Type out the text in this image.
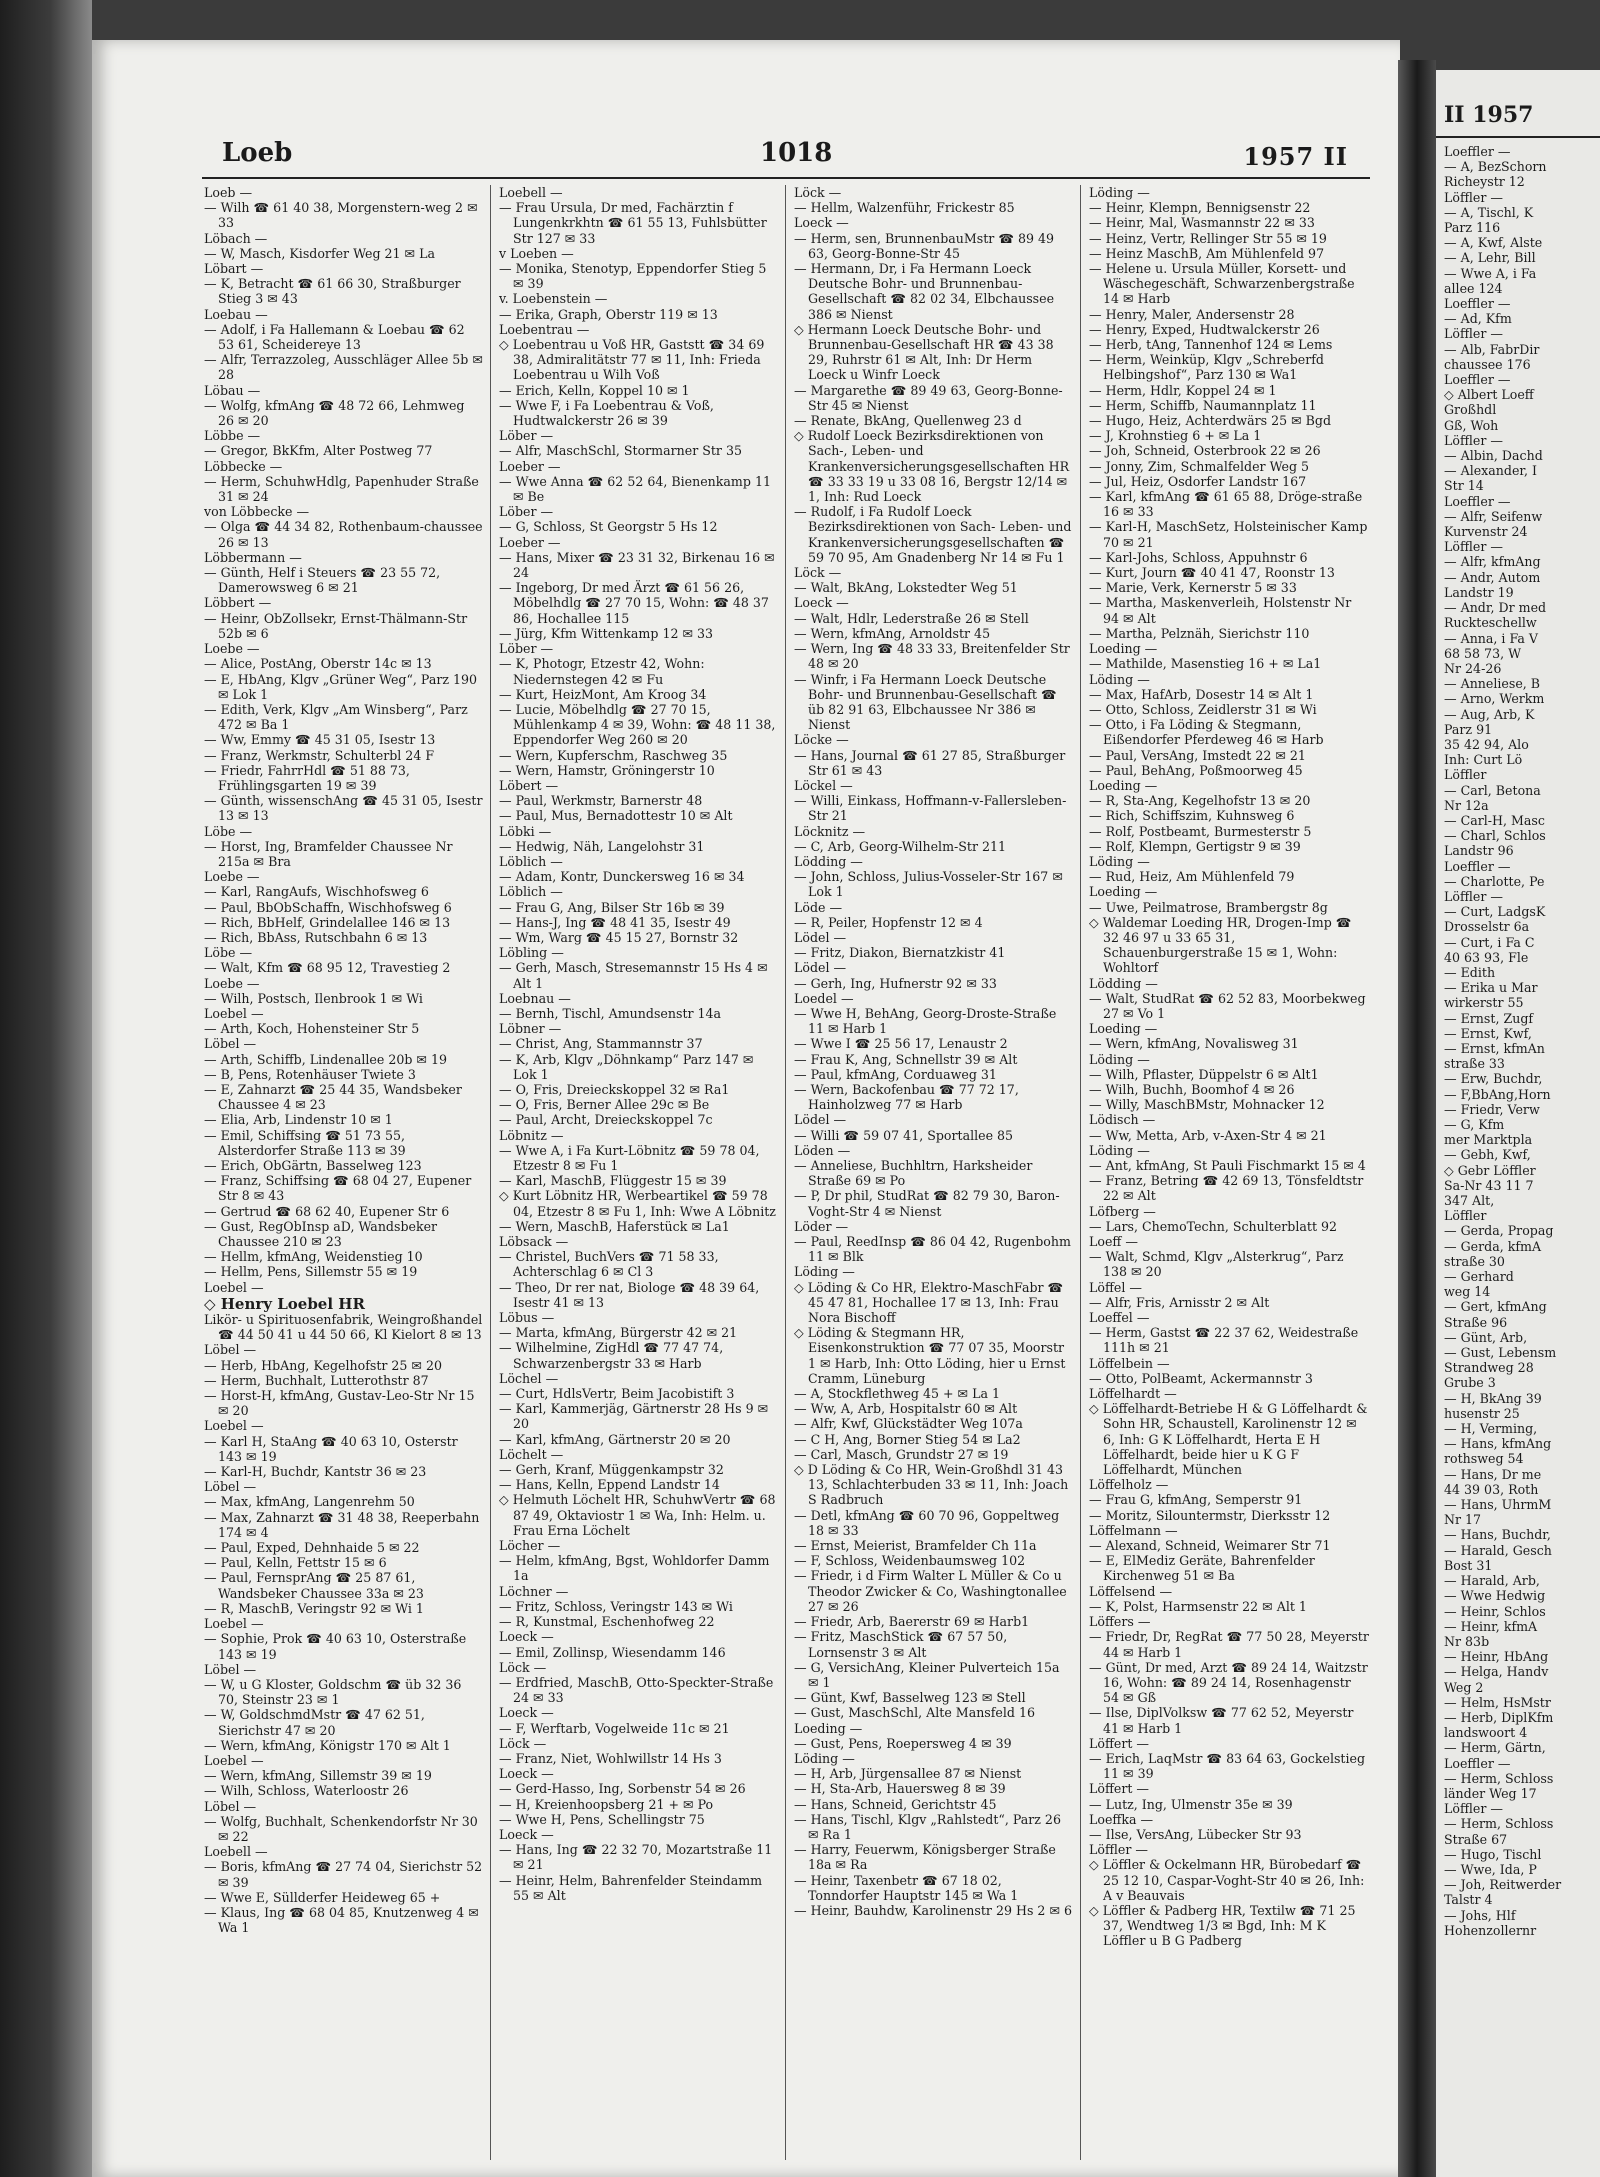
Loeb	1018	1957 II

Loeb —

— Wilh ☎ 61 40 38, Morgenstern-weg 2 ✉ 33

Löbach —

— W, Masch, Kisdorfer Weg 21 ✉ La

Löbart —

— K, Betracht ☎ 61 66 30, Straßburger Stieg 3 ✉ 43

Loebau —

— Adolf, i Fa Hallemann & Loebau ☎ 62 53 61, Scheidereye 13

— Alfr, Terrazzoleg, Ausschläger Allee 5b ✉ 28

Löbau —

— Wolfg, kfmAng ☎ 48 72 66, Lehmweg 26 ✉ 20

Löbbe —

— Gregor, BkKfm, Alter Postweg 77

Löbbecke —

— Herm, SchuhwHdlg, Papenhuder Straße 31 ✉ 24

von Löbbecke —

— Olga ☎ 44 34 82, Rothenbaum-chaussee 26 ✉ 13

Löbbermann —

— Günth, Helf i Steuers ☎ 23 55 72, Damerowsweg 6 ✉ 21

Löbbert —

— Heinr, ObZollsekr, Ernst-Thälmann-Str 52b ✉ 6

Loebe —

— Alice, PostAng, Oberstr 14c ✉ 13

— E, HbAng, Klgv „Grüner Weg“, Parz 190 ✉ Lok 1

— Edith, Verk, Klgv „Am Winsberg“, Parz 472 ✉ Ba 1

— Ww, Emmy ☎ 45 31 05, Isestr 13

— Franz, Werkmstr, Schulterbl 24 F

— Friedr, FahrrHdl ☎ 51 88 73, Frühlingsgarten 19 ✉ 39

— Günth, wissenschAng ☎ 45 31 05, Isestr 13 ✉ 13

Löbe —

— Horst, Ing, Bramfelder Chaussee Nr 215a ✉ Bra

Loebe —

— Karl, RangAufs, Wischhofsweg 6

— Paul, BbObSchaffn, Wischhofsweg 6

— Rich, BbHelf, Grindelallee 146 ✉ 13

— Rich, BbAss, Rutschbahn 6 ✉ 13

Löbe —

— Walt, Kfm ☎ 68 95 12, Travestieg 2

Loebe —

— Wilh, Postsch, Ilenbrook 1 ✉ Wi

Loebel —

— Arth, Koch, Hohensteiner Str 5

Löbel —

— Arth, Schiffb, Lindenallee 20b ✉ 19

— B, Pens, Rotenhäuser Twiete 3

— E, Zahnarzt ☎ 25 44 35, Wandsbeker Chaussee 4 ✉ 23

— Elia, Arb, Lindenstr 10 ✉ 1

— Emil, Schiffsing ☎ 51 73 55, Alsterdorfer Straße 113 ✉ 39

— Erich, ObGärtn, Basselweg 123

— Franz, Schiffsing ☎ 68 04 27, Eupener Str 8 ✉ 43

— Gertrud ☎ 68 62 40, Eupener Str 6

— Gust, RegObInsp aD, Wandsbeker Chaussee 210 ✉ 23

— Hellm, kfmAng, Weidenstieg 10

— Hellm, Pens, Sillemstr 55 ✉ 19

Loebel —

◇ Henry Loebel HR

Likör- u Spirituosenfabrik, Weingroßhandel ☎ 44 50 41 u 44 50 66, Kl Kielort 8 ✉ 13

Löbel —

— Herb, HbAng, Kegelhofstr 25 ✉ 20

— Herm, Buchhalt, Lutterothstr 87

— Horst-H, kfmAng, Gustav-Leo-Str Nr 15 ✉ 20

Loebel —

— Karl H, StaAng ☎ 40 63 10, Osterstr 143 ✉ 19

— Karl-H, Buchdr, Kantstr 36 ✉ 23

Löbel —

— Max, kfmAng, Langenrehm 50

— Max, Zahnarzt ☎ 31 48 38, Reeperbahn 174 ✉ 4

— Paul, Exped, Dehnhaide 5 ✉ 22

— Paul, Kelln, Fettstr 15 ✉ 6

— Paul, FernsprAng ☎ 25 87 61, Wandsbeker Chaussee 33a ✉ 23

— R, MaschB, Veringstr 92 ✉ Wi 1

Loebel —

— Sophie, Prok ☎ 40 63 10, Osterstraße 143 ✉ 19

Löbel —

— W, u G Kloster, Goldschm ☎ üb 32 36 70, Steinstr 23 ✉ 1

— W, GoldschmdMstr ☎ 47 62 51, Sierichstr 47 ✉ 20

— Wern, kfmAng, Königstr 170 ✉ Alt 1

Loebel —

— Wern, kfmAng, Sillemstr 39 ✉ 19

— Wilh, Schloss, Waterloostr 26

Löbel —

— Wolfg, Buchhalt, Schenkendorfstr Nr 30 ✉ 22

Loebell —

— Boris, kfmAng ☎ 27 74 04, Sierichstr 52 ✉ 39

— Wwe E, Süllderfer Heideweg 65 +

— Klaus, Ing ☎ 68 04 85, Knutzenweg 4 ✉ Wa 1

Loebell —

— Frau Ursula, Dr med, Fachärztin f Lungenkrkhtn ☎ 61 55 13, Fuhlsbütter Str 127 ✉ 33

v Loeben —

— Monika, Stenotyp, Eppendorfer Stieg 5 ✉ 39

v. Loebenstein —

— Erika, Graph, Oberstr 119 ✉ 13

Loebentrau —

◇ Loebentrau u Voß HR, Gaststt ☎ 34 69 38, Admiralitätstr 77 ✉ 11, Inh: Frieda Loebentrau u Wilh Voß

— Erich, Kelln, Koppel 10 ✉ 1

— Wwe F, i Fa Loebentrau & Voß, Hudtwalckerstr 26 ✉ 39

Löber —

— Alfr, MaschSchl, Stormarner Str 35

Loeber —

— Wwe Anna ☎ 62 52 64, Bienenkamp 11 ✉ Be

Löber —

— G, Schloss, St Georgstr 5 Hs 12

Loeber —

— Hans, Mixer ☎ 23 31 32, Birkenau 16 ✉ 24

— Ingeborg, Dr med Ärzt ☎ 61 56 26, Möbelhdlg ☎ 27 70 15, Wohn: ☎ 48 37 86, Hochallee 115

— Jürg, Kfm Wittenkamp 12 ✉ 33

Löber —

— K, Photogr, Etzestr 42, Wohn: Niedernstegen 42 ✉ Fu

— Kurt, HeizMont, Am Kroog 34

— Lucie, Möbelhdlg ☎ 27 70 15, Mühlenkamp 4 ✉ 39, Wohn: ☎ 48 11 38, Eppendorfer Weg 260 ✉ 20

— Wern, Kupferschm, Raschweg 35

— Wern, Hamstr, Gröningerstr 10

Löbert —

— Paul, Werkmstr, Barnerstr 48

— Paul, Mus, Bernadottestr 10 ✉ Alt

Löbki —

— Hedwig, Näh, Langelohstr 31

Löblich —

— Adam, Kontr, Dunckersweg 16 ✉ 34

Löblich —

— Frau G, Ang, Bilser Str 16b ✉ 39

— Hans-J, Ing ☎ 48 41 35, Isestr 49

— Wm, Warg ☎ 45 15 27, Bornstr 32

Löbling —

— Gerh, Masch, Stresemannstr 15 Hs 4 ✉ Alt 1

Loebnau —

— Bernh, Tischl, Amundsenstr 14a

Löbner —

— Christ, Ang, Stammannstr 37

— K, Arb, Klgv „Döhnkamp“ Parz 147 ✉ Lok 1

— O, Fris, Dreieckskoppel 32 ✉ Ra1

— O, Fris, Berner Allee 29c ✉ Be

— Paul, Archt, Dreieckskoppel 7c

Löbnitz —

— Wwe A, i Fa Kurt-Löbnitz ☎ 59 78 04, Etzestr 8 ✉ Fu 1

— Karl, MaschB, Flüggestr 15 ✉ 39

◇ Kurt Löbnitz HR, Werbeartikel ☎ 59 78 04, Etzestr 8 ✉ Fu 1, Inh: Wwe A Löbnitz

— Wern, MaschB, Haferstück ✉ La1

Löbsack —

— Christel, BuchVers ☎ 71 58 33, Achterschlag 6 ✉ Cl 3

— Theo, Dr rer nat, Biologe ☎ 48 39 64, Isestr 41 ✉ 13

Löbus —

— Marta, kfmAng, Bürgerstr 42 ✉ 21

— Wilhelmine, ZigHdl ☎ 77 47 74, Schwarzenbergstr 33 ✉ Harb

Löchel —

— Curt, HdlsVertr, Beim Jacobistift 3

— Karl, Kammerjäg, Gärtnerstr 28 Hs 9 ✉ 20

— Karl, kfmAng, Gärtnerstr 20 ✉ 20

Löchelt —

— Gerh, Kranf, Müggenkampstr 32

— Hans, Kelln, Eppend Landstr 14

◇ Helmuth Löchelt HR, SchuhwVertr ☎ 68 87 49, Oktaviostr 1 ✉ Wa, Inh: Helm. u. Frau Erna Löchelt

Löcher —

— Helm, kfmAng, Bgst, Wohldorfer Damm 1a

Löchner —

— Fritz, Schloss, Veringstr 143 ✉ Wi

— R, Kunstmal, Eschenhofweg 22

Loeck —

— Emil, Zollinsp, Wiesendamm 146

Löck —

— Erdfried, MaschB, Otto-Speckter-Straße 24 ✉ 33

Loeck —

— F, Werftarb, Vogelweide 11c ✉ 21

Löck —

— Franz, Niet, Wohlwillstr 14 Hs 3

Loeck —

— Gerd-Hasso, Ing, Sorbenstr 54 ✉ 26

— H, Kreienhoopsberg 21 + ✉ Po

— Wwe H, Pens, Schellingstr 75

Loeck —

— Hans, Ing ☎ 22 32 70, Mozartstraße 11 ✉ 21

— Heinr, Helm, Bahrenfelder Steindamm 55 ✉ Alt

Löck —

— Hellm, Walzenführ, Frickestr 85

Loeck —

— Herm, sen, BrunnenbauMstr ☎ 89 49 63, Georg-Bonne-Str 45

— Hermann, Dr, i Fa Hermann Loeck Deutsche Bohr- und Brunnenbau-Gesellschaft ☎ 82 02 34, Elbchaussee 386 ✉ Nienst

◇ Hermann Loeck Deutsche Bohr- und Brunnenbau-Gesellschaft HR ☎ 43 38 29, Ruhrstr 61 ✉ Alt, Inh: Dr Herm Loeck u Winfr Loeck

— Margarethe ☎ 89 49 63, Georg-Bonne-Str 45 ✉ Nienst

— Renate, BkAng, Quellenweg 23 d

◇ Rudolf Loeck Bezirksdirektionen von Sach-, Leben- und Krankenversicherungsgesellschaften HR ☎ 33 33 19 u 33 08 16, Bergstr 12/14 ✉ 1, Inh: Rud Loeck

— Rudolf, i Fa Rudolf Loeck Bezirksdirektionen von Sach- Leben- und Krankenversicherungsgesellschaften ☎ 59 70 95, Am Gnadenberg Nr 14 ✉ Fu 1

Löck —

— Walt, BkAng, Lokstedter Weg 51

Loeck —

— Walt, Hdlr, Lederstraße 26 ✉ Stell

— Wern, kfmAng, Arnoldstr 45

— Wern, Ing ☎ 48 33 33, Breitenfelder Str 48 ✉ 20

— Winfr, i Fa Hermann Loeck Deutsche Bohr- und Brunnenbau-Gesellschaft ☎ üb 82 91 63, Elbchaussee Nr 386 ✉ Nienst

Löcke —

— Hans, Journal ☎ 61 27 85, Straßburger Str 61 ✉ 43

Löckel —

— Willi, Einkass, Hoffmann-v-Fallersleben-Str 21

Löcknitz —

— C, Arb, Georg-Wilhelm-Str 211

Lödding —

— John, Schloss, Julius-Vosseler-Str 167 ✉ Lok 1

Löde —

— R, Peiler, Hopfenstr 12 ✉ 4

Lödel —

— Fritz, Diakon, Biernatzkistr 41

Lödel —

— Gerh, Ing, Hufnerstr 92 ✉ 33

Loedel —

— Wwe H, BehAng, Georg-Droste-Straße 11 ✉ Harb 1

— Wwe I ☎ 25 56 17, Lenaustr 2

— Frau K, Ang, Schnellstr 39 ✉ Alt

— Paul, kfmAng, Corduaweg 31

— Wern, Backofenbau ☎ 77 72 17, Hainholzweg 77 ✉ Harb

Lödel —

— Willi ☎ 59 07 41, Sportallee 85

Löden —

— Anneliese, Buchhltrn, Harksheider Straße 69 ✉ Po

— P, Dr phil, StudRat ☎ 82 79 30, Baron-Voght-Str 4 ✉ Nienst

Löder —

— Paul, ReedInsp ☎ 86 04 42, Rugenbohm 11 ✉ Blk

Löding —

◇ Löding & Co HR, Elektro-MaschFabr ☎ 45 47 81, Hochallee 17 ✉ 13, Inh: Frau Nora Bischoff

◇ Löding & Stegmann HR, Eisenkonstruktion ☎ 77 07 35, Moorstr 1 ✉ Harb, Inh: Otto Löding, hier u Ernst Cramm, Lüneburg

— A, Stockflethweg 45 + ✉ La 1

— Ww, A, Arb, Hospitalstr 60 ✉ Alt

— Alfr, Kwf, Glückstädter Weg 107a

— C H, Ang, Borner Stieg 54 ✉ La2

— Carl, Masch, Grundstr 27 ✉ 19

◇ D Löding & Co HR, Wein-Großhdl 31 43 13, Schlachterbuden 33 ✉ 11, Inh: Joach S Radbruch

— Detl, kfmAng ☎ 60 70 96, Goppeltweg 18 ✉ 33

— Ernst, Meierist, Bramfelder Ch 11a

— F, Schloss, Weidenbaumsweg 102

— Friedr, i d Firm Walter L Müller & Co u Theodor Zwicker & Co, Washingtonallee 27 ✉ 26

— Friedr, Arb, Baererstr 69 ✉ Harb1

— Fritz, MaschStick ☎ 67 57 50, Lornsenstr 3 ✉ Alt

— G, VersichAng, Kleiner Pulverteich 15a ✉ 1

— Günt, Kwf, Basselweg 123 ✉ Stell

— Gust, MaschSchl, Alte Mansfeld 16

Loeding —

— Gust, Pens, Roepersweg 4 ✉ 39

Löding —

— H, Arb, Jürgensallee 87 ✉ Nienst

— H, Sta-Arb, Hauersweg 8 ✉ 39

— Hans, Schneid, Gerichtstr 45

— Hans, Tischl, Klgv „Rahlstedt“, Parz 26 ✉ Ra 1

— Harry, Feuerwm, Königsberger Straße 18a ✉ Ra

— Heinr, Taxenbetr ☎ 67 18 02, Tonndorfer Hauptstr 145 ✉ Wa 1

— Heinr, Bauhdw, Karolinenstr 29 Hs 2 ✉ 6

Löding —

— Heinr, Klempn, Bennigsenstr 22

— Heinr, Mal, Wasmannstr 22 ✉ 33

— Heinz, Vertr, Rellinger Str 55 ✉ 19

— Heinz MaschB, Am Mühlenfeld 97

— Helene u. Ursula Müller, Korsett- und Wäschegeschäft, Schwarzenbergstraße 14 ✉ Harb

— Henry, Maler, Andersenstr 28

— Henry, Exped, Hudtwalckerstr 26

— Herb, tAng, Tannenhof 124 ✉ Lems

— Herm, Weinküp, Klgv „Schreberfd Helbingshof“, Parz 130 ✉ Wa1

— Herm, Hdlr, Koppel 24 ✉ 1

— Herm, Schiffb, Naumannplatz 11

— Hugo, Heiz, Achterdwärs 25 ✉ Bgd

— J, Krohnstieg 6 + ✉ La 1

— Joh, Schneid, Osterbrook 22 ✉ 26

— Jonny, Zim, Schmalfelder Weg 5

— Jul, Heiz, Osdorfer Landstr 167

— Karl, kfmAng ☎ 61 65 88, Dröge-straße 16 ✉ 33

— Karl-H, MaschSetz, Holsteinischer Kamp 70 ✉ 21

— Karl-Johs, Schloss, Appuhnstr 6

— Kurt, Journ ☎ 40 41 47, Roonstr 13

— Marie, Verk, Kernerstr 5 ✉ 33

— Martha, Maskenverleih, Holstenstr Nr 94 ✉ Alt

— Martha, Pelznäh, Sierichstr 110

Loeding —

— Mathilde, Masenstieg 16 + ✉ La1

Löding —

— Max, HafArb, Dosestr 14 ✉ Alt 1

— Otto, Schloss, Zeidlerstr 31 ✉ Wi

— Otto, i Fa Löding & Stegmann, Eißendorfer Pferdeweg 46 ✉ Harb

— Paul, VersAng, Imstedt 22 ✉ 21

— Paul, BehAng, Poßmoorweg 45

Loeding —

— R, Sta-Ang, Kegelhofstr 13 ✉ 20

— Rich, Schiffszim, Kuhnsweg 6

— Rolf, Postbeamt, Burmesterstr 5

— Rolf, Klempn, Gertigstr 9 ✉ 39

Löding —

— Rud, Heiz, Am Mühlenfeld 79

Loeding —

— Uwe, Peilmatrose, Brambergstr 8g

◇ Waldemar Loeding HR, Drogen-Imp ☎ 32 46 97 u 33 65 31, Schauenburgerstraße 15 ✉ 1, Wohn: Wohltorf

Lödding —

— Walt, StudRat ☎ 62 52 83, Moorbekweg 27 ✉ Vo 1

Loeding —

— Wern, kfmAng, Novalisweg 31

Löding —

— Wilh, Pflaster, Düppelstr 6 ✉ Alt1

— Wilh, Buchh, Boomhof 4 ✉ 26

— Willy, MaschBMstr, Mohnacker 12

Lödisch —

— Ww, Metta, Arb, v-Axen-Str 4 ✉ 21

Löding —

— Ant, kfmAng, St Pauli Fischmarkt 15 ✉ 4

— Franz, Betring ☎ 42 69 13, Tönsfeldtstr 22 ✉ Alt

Löfberg —

— Lars, ChemoTechn, Schulterblatt 92

Loeff —

— Walt, Schmd, Klgv „Alsterkrug“, Parz 138 ✉ 20

Löffel —

— Alfr, Fris, Arnisstr 2 ✉ Alt

Loeffel —

— Herm, Gastst ☎ 22 37 62, Weidestraße 111h ✉ 21

Löffelbein —

— Otto, PolBeamt, Ackermannstr 3

Löffelhardt —

◇ Löffelhardt-Betriebe H & G Löffelhardt & Sohn HR, Schaustell, Karolinenstr 12 ✉ 6, Inh: G K Löffelhardt, Herta E H Löffelhardt, beide hier u K G F Löffelhardt, München

Löffelholz —

— Frau G, kfmAng, Semperstr 91

— Moritz, Silountermstr, Dierksstr 12

Löffelmann —

— Alexand, Schneid, Weimarer Str 71

— E, ElMediz Geräte, Bahrenfelder Kirchenweg 51 ✉ Ba

Löffelsend —

— K, Polst, Harmsenstr 22 ✉ Alt 1

Löffers —

— Friedr, Dr, RegRat ☎ 77 50 28, Meyerstr 44 ✉ Harb 1

— Günt, Dr med, Arzt ☎ 89 24 14, Waitzstr 16, Wohn: ☎ 89 24 14, Rosenhagenstr 54 ✉ Gß

— Ilse, DiplVolksw ☎ 77 62 52, Meyerstr 41 ✉ Harb 1

Löffert —

— Erich, LaqMstr ☎ 83 64 63, Gockelstieg 11 ✉ 39

Löffert —

— Lutz, Ing, Ulmenstr 35e ✉ 39

Loeffka —

— Ilse, VersAng, Lübecker Str 93

Löffler —

◇ Löffler & Ockelmann HR, Bürobedarf ☎ 25 12 10, Caspar-Voght-Str 40 ✉ 26, Inh: A v Beauvais

◇ Löffler & Padberg HR, Textilw ☎ 71 25 37, Wendtweg 1/3 ✉ Bgd, Inh: M K Löffler u B G Padberg

II 1957

Loeffler —

— A, BezSchorn

Richeystr 12

Löffler —

— A, Tischl, K

Parz 116

— A, Kwf, Alste

— A, Lehr, Bill

— Wwe A, i Fa

allee 124

Loeffler —

— Ad, Kfm

Löffler —

— Alb, FabrDir

chaussee 176

Loeffler —

◇ Albert Loeff

Großhdl

Gß, Woh

Löffler —

— Albin, Dachd

— Alexander, I

Str 14

Loeffler —

— Alfr, Seifenw

Kurvenstr 24

Löffler —

— Alfr, kfmAng

— Andr, Autom

Landstr 19

— Andr, Dr med

Ruckteschellw

— Anna, i Fa V

68 58 73, W

Nr 24-26

— Anneliese, B

— Arno, Werkm

— Aug, Arb, K

Parz 91

35 42 94, Alo

Inh: Curt Lö

Löffler

— Carl, Betona

Nr 12a

— Carl-H, Masc

— Charl, Schlos

Landstr 96

Loeffler —

— Charlotte, Pe

Löffler —

— Curt, LadgsK

Drosselstr 6a

— Curt, i Fa C

40 63 93, Fle

— Edith

— Erika u Mar

wirkerstr 55

— Ernst, Zugf

— Ernst, Kwf,

— Ernst, kfmAn

straße 33

— Erw, Buchdr,

— F,BbAng,Horn

— Friedr, Verw

— G, Kfm

mer Marktpla

— Gebh, Kwf,

◇ Gebr Löffler

Sa-Nr 43 11 7

347 Alt,

Löffler

— Gerda, Propag

— Gerda, kfmA

straße 30

— Gerhard

weg 14

— Gert, kfmAng

Straße 96

— Günt, Arb,

— Gust, Lebensm

Strandweg 28

Grube 3

— H, BkAng 39

husenstr 25

— H, Verming,

— Hans, kfmAng

rothsweg 54

— Hans, Dr me

44 39 03, Roth

— Hans, UhrmM

Nr 17

— Hans, Buchdr,

— Harald, Gesch

Bost 31

— Harald, Arb,

— Wwe Hedwig

— Heinr, Schlos

— Heinr, kfmA

Nr 83b

— Heinr, HbAng

— Helga, Handv

Weg 2

— Helm, HsMstr

— Herb, DiplKfm

landswoort 4

— Herm, Gärtn,

Loeffler —

— Herm, Schloss

länder Weg 17

Löffler —

— Herm, Schloss

Straße 67

— Hugo, Tischl

— Wwe, Ida, P

— Joh, Reitwerder

Talstr 4

— Johs, Hlf

Hohenzollernr
